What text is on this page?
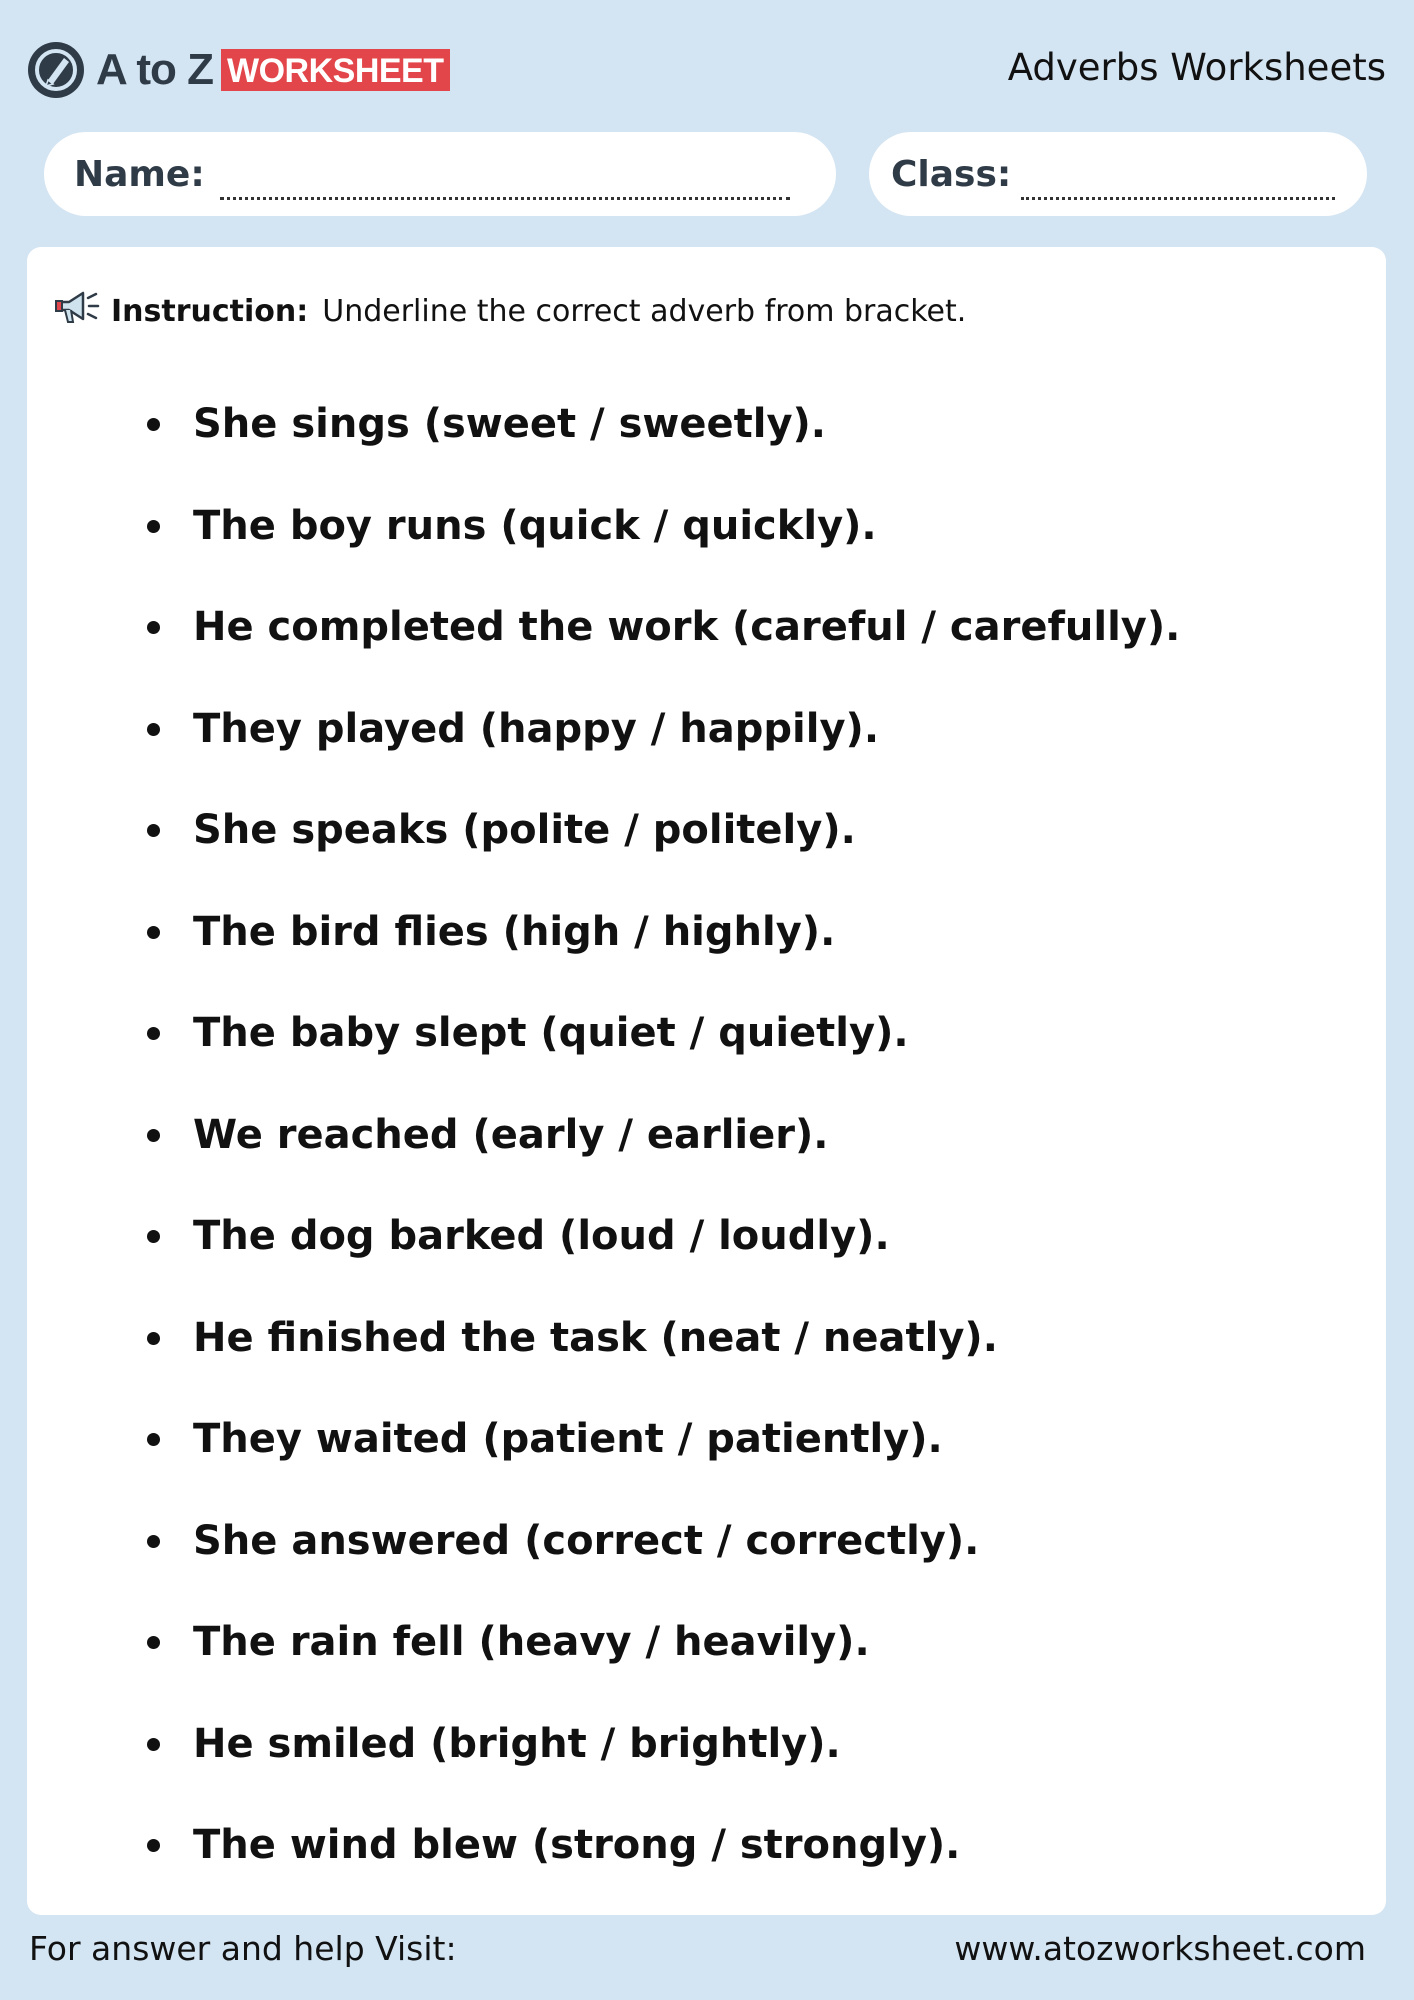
A to Z WORKSHEET	Adverbs Worksheets
Name:	Class:
Instruction: Underline the correct adverb from bracket.
She sings (sweet / sweetly).
The boy runs (quick / quickly).
He completed the work (careful / carefully).
They played (happy / happily).
She speaks (polite / politely).
The bird flies (high / highly).
The baby slept (quiet / quietly).
We reached (early / earlier).
The dog barked (loud / loudly).
He finished the task (neat / neatly).
They waited (patient / patiently).
She answered (correct / correctly).
The rain fell (heavy / heavily).
He smiled (bright / brightly).
The wind blew (strong / strongly).
For answer and help Visit:	www.atozworksheet.com
